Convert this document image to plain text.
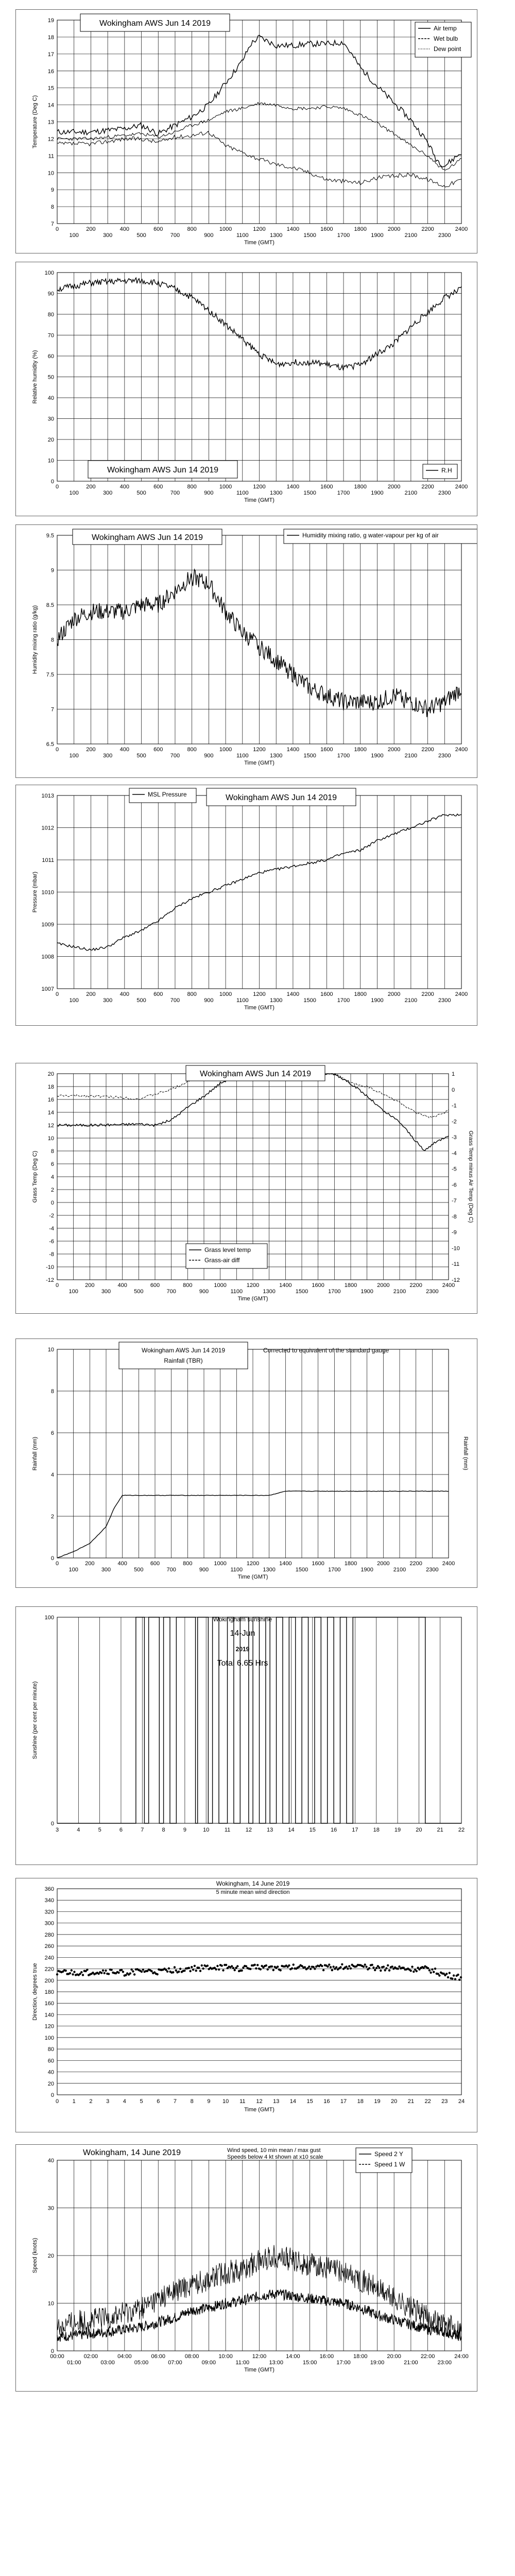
7
8
9
10
11
12
13
14
15
16
17
18
19
0
100
200
300
400
500
600
700
800
900
1000
1100
1200
1300
1400
1500
1600
1700
1800
1900
2000
2100
2200
2300
2400
Time (GMT)
Temperature (Deg C)
Wokingham AWS Jun 14 2019
Air temp
Wet bulb
Dew point
0
10
20
30
40
50
60
70
80
90
100
0
100
200
300
400
500
600
700
800
900
1000
1100
1200
1300
1400
1500
1600
1700
1800
1900
2000
2100
2200
2300
2400
Time (GMT)
Relative humidity (%)
Wokingham AWS Jun 14 2019	R.H
6.5
7
7.5
8
8.5
9
9.5
0
100
200
300
400
500
600
700
800
900
1000
1100
1200
1300
1400
1500
1600
1700
1800
1900
2000
2100
2200
2300
2400
Time (GMT)
Humidity mixing ratio (g/kg)
Wokingham AWS Jun 14 2019	Humidity mixing ratio, g water-vapour per kg of air
1007
1008
1009
1010
1011
1012
1013
0
100
200
300
400
500
600
700
800
900
1000
1100
1200
1300
1400
1500
1600
1700
1800
1900
2000
2100
2200
2300
2400
Time (GMT)
Pressure (mbar)
MSL Pressure	Wokingham AWS Jun 14 2019
-12
-10
-8
-6
-4
-2
0
2
4
6
8
10
12
14
16
18
20
0
100
200
300
400
500
600
700
800
900
1000
1100
1200
1300
1400
1500
1600
1700
1800
1900
2000
2100
2200
2300
2400
Time (GMT)
Grass Temp (Deg C)
-12
-11
-10
-9
-8
-7
-6
-5
-4
-3
-2
-1
0
1
Grass Temp minus Air Temp (Deg C)
Wokingham AWS Jun 14 2019
Grass level temp
Grass-air diff
0
2
4
6
8
10
0
100
200
300
400
500
600
700
800
900
1000
1100
1200
1300
1400
1500
1600
1700
1800
1900
2000
2100
2200
2300
2400
Time (GMT)
Rainfall (mm)	Rainfall (mm)
Wokingham AWS Jun 14 2019
Rainfall (TBR)
Corrected to equivalent of the standard gauge
0
100
3	4	5	6	7	8	9	10	11	12	13	14	15	16	17	18	19	20	21	22
Sunshine (per cent per minute)
Wokingham sunshine
14-Jun
2019
Total 6.65 Hrs
0
20
40
60
80
100
120
140
160
180
200
220
240
260
280
300
320
340
360
0 1 2 3 4 5 6 7 8 9 10 11 12 13 14 15 16 17 18 19 20 21 22 23 24
Time (GMT)
Direction, degrees true
Wokingham, 14 June 2019
5 minute mean wind direction
0
10
20
30
40
00:00
01:00
02:00
03:00
04:00
05:00
06:00
07:00
08:00
09:00
10:00
11:00
12:00
13:00
14:00
15:00
16:00
17:00
18:00
19:00
20:00
21:00
22:00
23:00
24:00
Time (GMT)
Speed (knots)
Wokingham, 14 June 2019	Wind speed, 10 min mean / max gust
Speeds below 4 kt shown at x10 scale	Speed 2 Y
Speed 1 W
